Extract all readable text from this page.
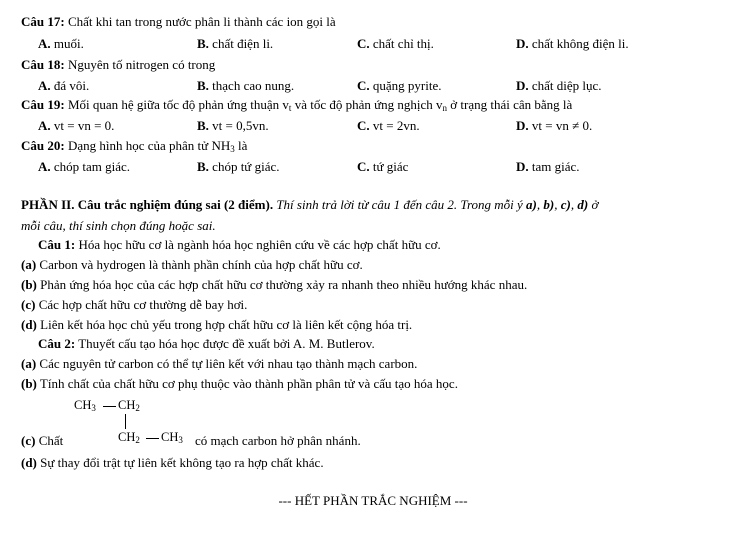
Câu 17: Chất khi tan trong nước phân li thành các ion gọi là
A. muối.	B. chất điện li.	C. chất chỉ thị.	D. chất không điện li.
Câu 18: Nguyên tố nitrogen có trong
A. đá vôi.	B. thạch cao nung.	C. quặng pyrite.	D. chất diệp lục.
Câu 19: Mối quan hệ giữa tốc độ phản ứng thuận $v_t$ và tốc độ phản ứng nghịch $v_n$ ở trạng thái cân bằng là
A. vt = vn = 0.	B. vt = 0,5vn.	C. vt = 2vn.	D. vt = vn ≠ 0.
Câu 20: Dạng hình học của phân tử $NH_3$ là
A. chóp tam giác.	B. chóp tứ giác.	C. tứ giác	D. tam giác.
PHẦN II. Câu trắc nghiệm đúng sai (2 điểm). Thí sinh trả lời từ câu 1 đến câu 2. Trong mỗi ý a), b), c), d) ở
mỗi câu, thí sinh chọn đúng hoặc sai.
Câu 1: Hóa học hữu cơ là ngành hóa học nghiên cứu về các hợp chất hữu cơ.
(a) Carbon và hydrogen là thành phần chính của hợp chất hữu cơ.
(b) Phản ứng hóa học của các hợp chất hữu cơ thường xảy ra nhanh theo nhiều hướng khác nhau.
(c) Các hợp chất hữu cơ thường dễ bay hơi.
(d) Liên kết hóa học chủ yếu trong hợp chất hữu cơ là liên kết cộng hóa trị.
Câu 2: Thuyết cấu tạo hóa học được đề xuất bởi A. M. Butlerov.
(a) Các nguyên tử carbon có thể tự liên kết với nhau tạo thành mạch carbon.
(b) Tính chất của chất hữu cơ phụ thuộc vào thành phần phân tử và cấu tạo hóa học.
$CH_3$ $CH_2$
$CH_2$ $CH_3$
(c) Chất	có mạch carbon hở phân nhánh.
(d) Sự thay đổi trật tự liên kết không tạo ra hợp chất khác.
--- HẾT PHẦN TRẮC NGHIỆM ---
